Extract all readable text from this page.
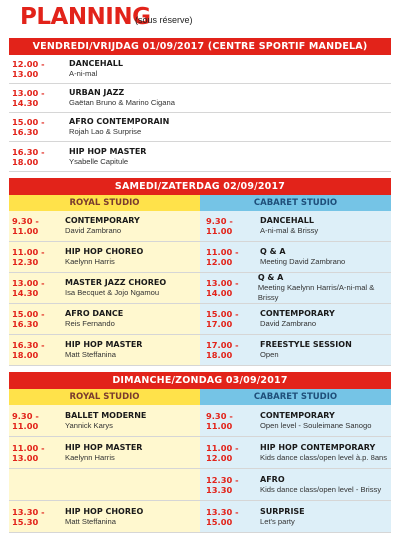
PLANNING
(sous réserve)
VENDREDI/VRIJDAG 01/09/2017 (CENTRE SPORTIF MANDELA)
12.00 - 13.00
DANCEHALL
A-ni-mal
13.00 - 14.30
URBAN JAZZ
Gaëtan Bruno & Marino Cigana
15.00 - 16.30
AFRO CONTEMPORAIN
Rojah Lao & Surprise
16.30 - 18.00
HIP HOP MASTER
Ysabelle Capitule
SAMEDI/ZATERDAG 02/09/2017
ROYAL STUDIO
9.30 - 11.00
CONTEMPORARY
David Zambrano
11.00 - 12.30
HIP HOP CHOREO
Kaelynn Harris
13.00 - 14.30
MASTER JAZZ CHOREO
Isa Becquet & Jojo Ngamou
15.00 - 16.30
AFRO DANCE
Reis Fernando
16.30 - 18.00
HIP HOP MASTER
Matt Steffanina
CABARET STUDIO
9.30 - 11.00
DANCEHALL
A-ni-mal & Brissy
11.00 - 12.00
Q & A
Meeting David Zambrano
13.00 - 14.00
Q & A
Meeting Kaelynn Harris/A-ni-mal & Brissy
15.00 - 17.00
CONTEMPORARY
David Zambrano
17.00 - 18.00
FREESTYLE SESSION
Open
DIMANCHE/ZONDAG 03/09/2017
ROYAL STUDIO
9.30 - 11.00
BALLET MODERNE
Yannick Karys
11.00 - 13.00
HIP HOP MASTER
Kaelynn Harris
13.30 - 15.30
HIP HOP CHOREO
Matt Steffanina
CABARET STUDIO
9.30 - 11.00
CONTEMPORARY
Open level - Souleimane Sanogo
11.00 - 12.00
HIP HOP CONTEMPORARY
Kids dance class/open level à.p. 8ans
12.30 - 13.30
AFRO
Kids dance class/open level - Brissy
13.30 - 15.00
SURPRISE
Let's party
